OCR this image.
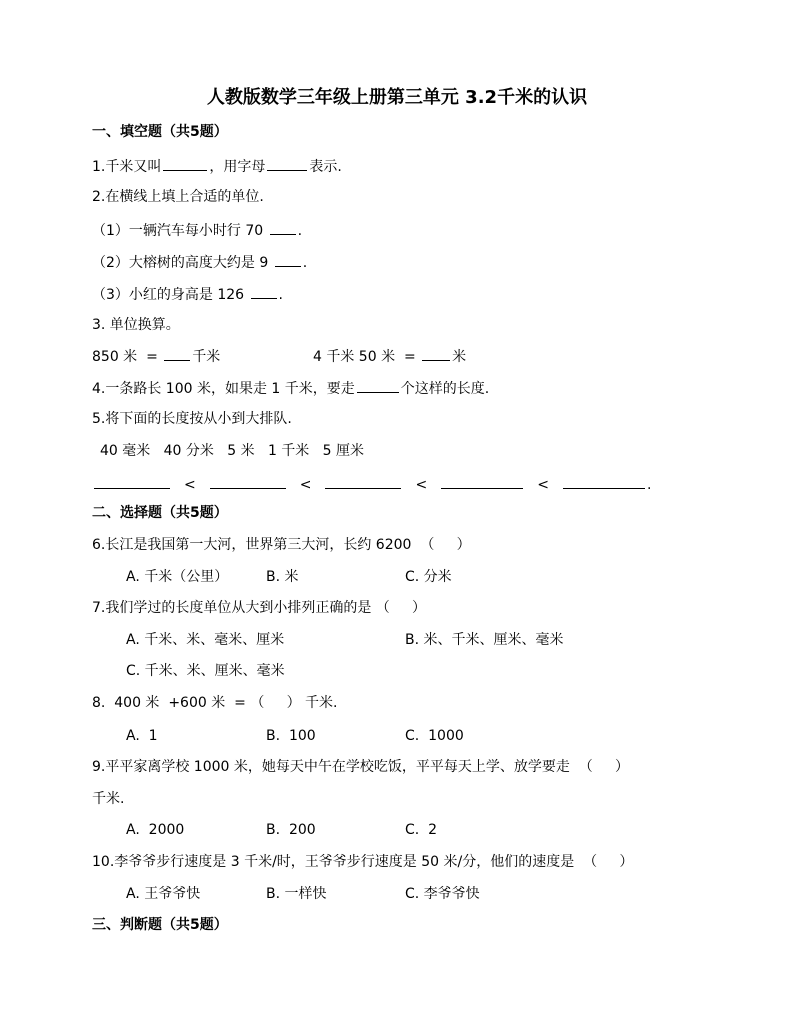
人教版数学三年级上册第三单元 3.2千米的认识
一、填空题（共5题）
1.千米又叫	，用字母	表示.
2.在横线上填上合适的单位.
（1）一辆汽车每小时行 70 .
（2）大榕树的高度大约是 9 .
（3）小红的身高是 126 .
3. 单位换算。
850 米  = 千米	4 千米 50 米  = 米
4.一条路长 100 米，如果走 1 千米，要走	个这样的长度.
5.将下面的长度按从小到大排队.
40 毫米   40 分米   5 米   1 千米   5 厘米
<	<	<	<	.
二、选择题（共5题）
6.长江是我国第一大河，世界第三大河，长约 6200  （     ）
A. 千米（公里）	B. 米	C. 分米
7.我们学过的长度单位从大到小排列正确的是 （     ）
A. 千米、米、毫米、厘米	B. 米、千米、厘米、毫米
C. 千米、米、厘米、毫米
8.  400 米  +600 米  = （     ） 千米.
A.  1	B.  100	C.  1000
9.平平家离学校 1000 米，她每天中午在学校吃饭，平平每天上学、放学要走  （     ）
千米.
A.  2000	B.  200	C.  2
10.李爷爷步行速度是 3 千米/时，王爷爷步行速度是 50 米/分，他们的速度是  （     ）
A. 王爷爷快	B. 一样快	C. 李爷爷快
三、判断题（共5题）
